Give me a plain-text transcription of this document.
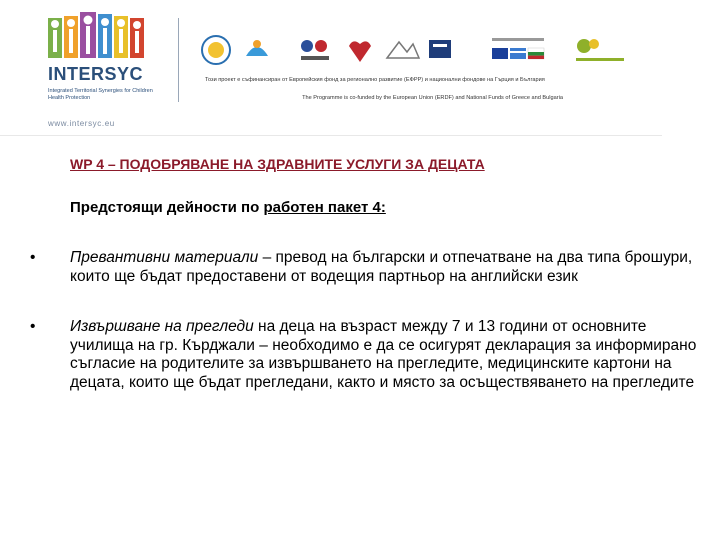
INTERSYC
Integrated Territorial Synergies for Children Health Protection
www.intersyc.eu
Този проект е съфинансиран от Европейския фонд за регионално развитие (ЕФРР) и национални фондове на Гърция и България
The Programme is co-funded by the European Union (ERDF) and National Funds of Greece and Bulgaria
WP 4 – ПОДОБРЯВАНЕ НА ЗДРАВНИТЕ УСЛУГИ ЗА ДЕЦАТА
Предстоящи дейности по работен пакет 4:
•	Превантивни материали – превод на български и отпечатване на два типа брошури, които ще бъдат предоставени от водещия партньор на английски език
•	Извършване на прегледи на деца на възраст между 7 и 13 години от основните училища на гр. Кърджали – необходимо е да се осигурят декларация за информирано съгласие на родителите за извършването на прегледите, медицинските картони на децата, които ще бъдат прегледани, както и място за осъществяването на прегледите
